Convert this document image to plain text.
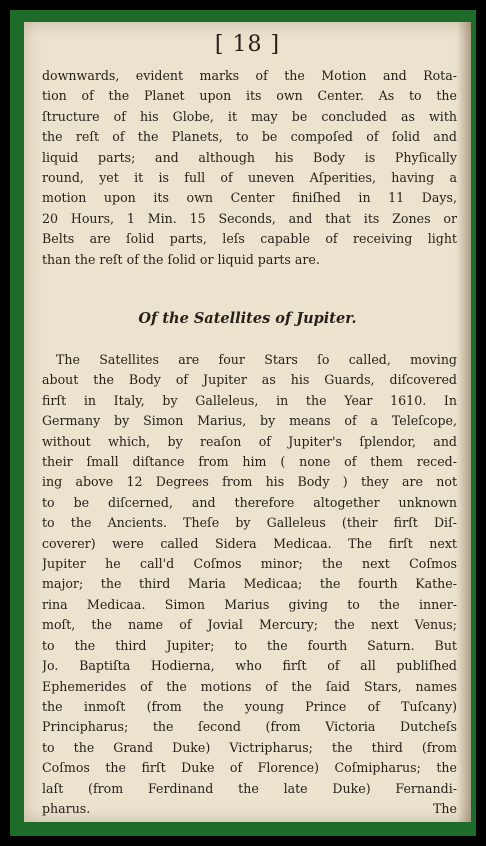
[ 18 ]
downwards, evident marks of the Motion and Rota-
tion of the Planet upon its own Center. As to the
ſtructure of his Globe, it may be concluded as with
the reſt of the Planets, to be compoſed of ſolid and
liquid parts; and although his Body is Phyſically
round, yet it is full of uneven Aſperities, having a
motion upon its own Center finiſhed in 11 Days,
20 Hours, 1 Min. 15 Seconds, and that its Zones or
Belts are ſolid parts, leſs capable of receiving light
than the reſt of the ſolid or liquid parts are.
Of the Satellites of Jupiter.
The Satellites are four Stars ſo called, moving
about the Body of Jupiter as his Guards, diſcovered
firſt in Italy, by Galleleus, in the Year 1610. In
Germany by Simon Marius, by means of a Teleſcope,
without which, by reaſon of Jupiter's ſplendor, and
their ſmall diſtance from him ( none of them reced-
ing above 12 Degrees from his Body ) they are not
to be diſcerned, and therefore altogether unknown
to the Ancients. Theſe by Galleleus (their firſt Diſ-
coverer) were called Sidera Medicaa. The firſt next
Jupiter he call'd Coſmos minor; the next Coſmos
major; the third Maria Medicaa; the fourth Kathe-
rina Medicaa. Simon Marius giving to the inner-
moſt, the name of Jovial Mercury; the next Venus;
to the third Jupiter; to the fourth Saturn. But
Jo. Baptiſta Hodierna, who firſt of all publiſhed
Ephemerides of the motions of the ſaid Stars, names
the inmoſt (from the young Prince of Tuſcany)
Principharus; the ſecond (from Victoria Dutcheſs
to the Grand Duke) Victripharus; the third (from
Coſmos the firſt Duke of Florence) Coſmipharus; the
laſt (from Ferdinand the late Duke) Fernandi-
pharus.                                        The
